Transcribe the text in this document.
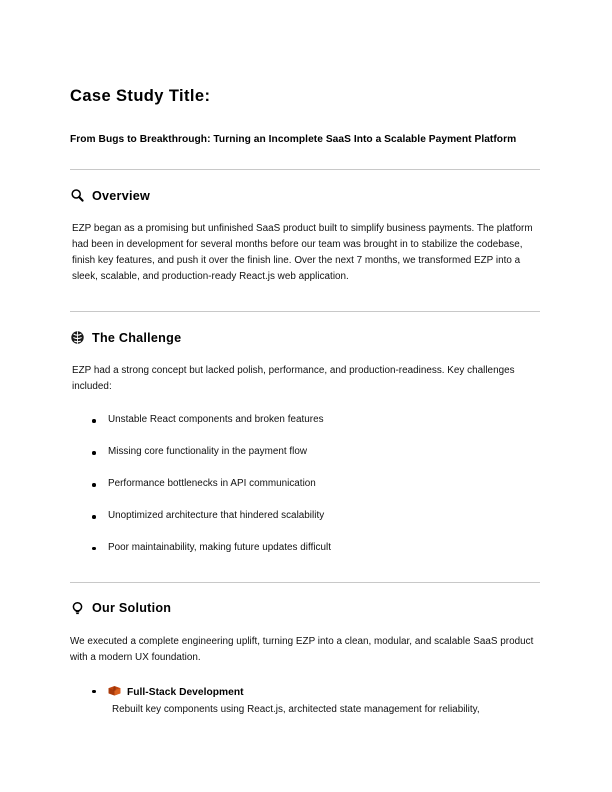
Case Study Title:

From Bugs to Breakthrough: Turning an Incomplete SaaS Into a Scalable Payment Platform

Overview

EZP began as a promising but unfinished SaaS product built to simplify business payments. The platform had been in development for several months before our team was brought in to stabilize the codebase, finish key features, and push it over the finish line. Over the next 7 months, we transformed EZP into a sleek, scalable, and production-ready React.js web application.

The Challenge

EZP had a strong concept but lacked polish, performance, and production-readiness. Key challenges included:

Unstable React components and broken features
Missing core functionality in the payment flow
Performance bottlenecks in API communication
Unoptimized architecture that hindered scalability
Poor maintainability, making future updates difficult
Our Solution

We executed a complete engineering uplift, turning EZP into a clean, modular, and scalable SaaS product with a modern UX foundation.

Full-Stack Development
Rebuilt key components using React.js, architected state management for reliability,
